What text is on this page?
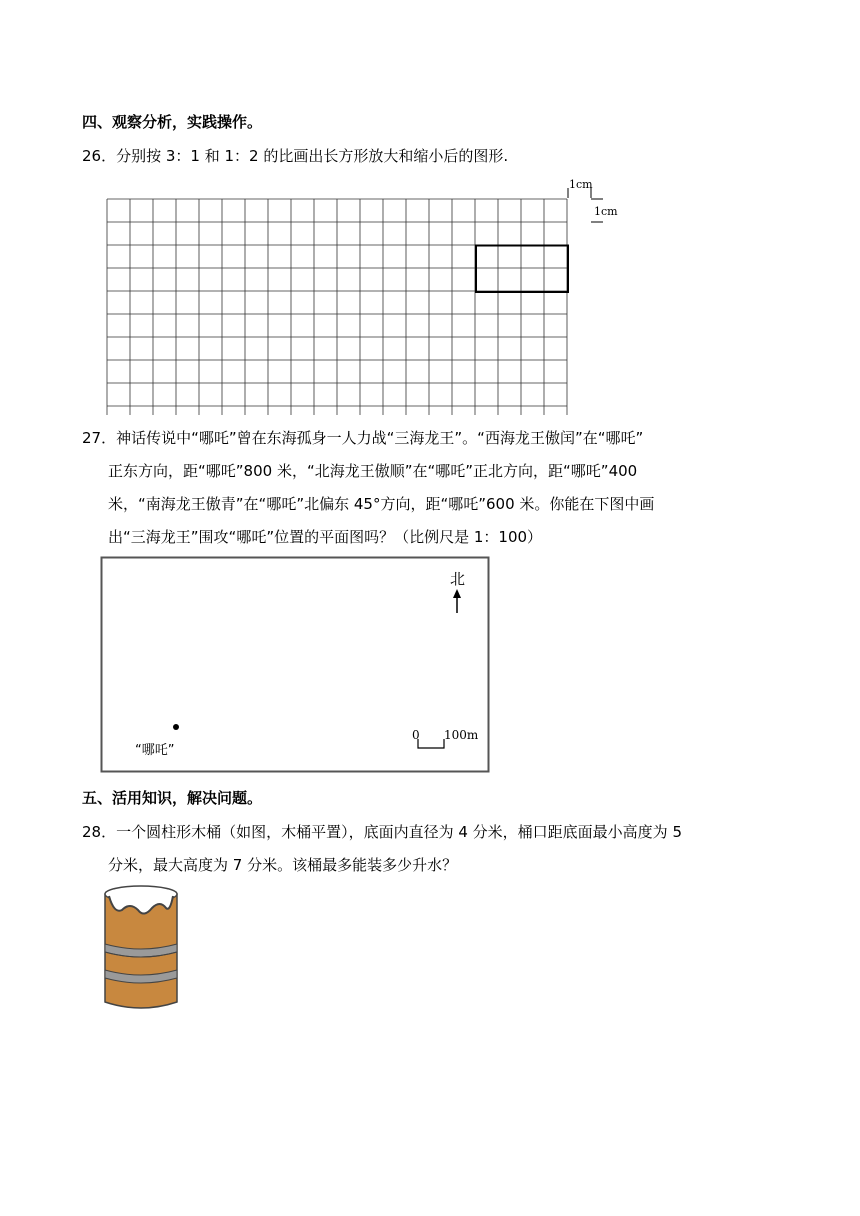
四、观察分析，实践操作。
26．分别按 3：1 和 1：2 的比画出长方形放大和缩小后的图形.
1cm
1cm
27．神话传说中“哪吒”曾在东海孤身一人力战“三海龙王”。“西海龙王傲闰”在“哪吒”
正东方向，距“哪吒”800 米，“北海龙王傲顺”在“哪吒”正北方向，距“哪吒”400
米，“南海龙王傲青”在“哪吒”北偏东 45°方向，距“哪吒”600 米。你能在下图中画
出“三海龙王”围攻“哪吒”位置的平面图吗？（比例尺是 1：100）
北
“哪吒”
0 100m
五、活用知识，解决问题。
28．一个圆柱形木桶（如图，木桶平置），底面内直径为 4 分米，桶口距底面最小高度为 5
分米，最大高度为 7 分米。该桶最多能装多少升水？
